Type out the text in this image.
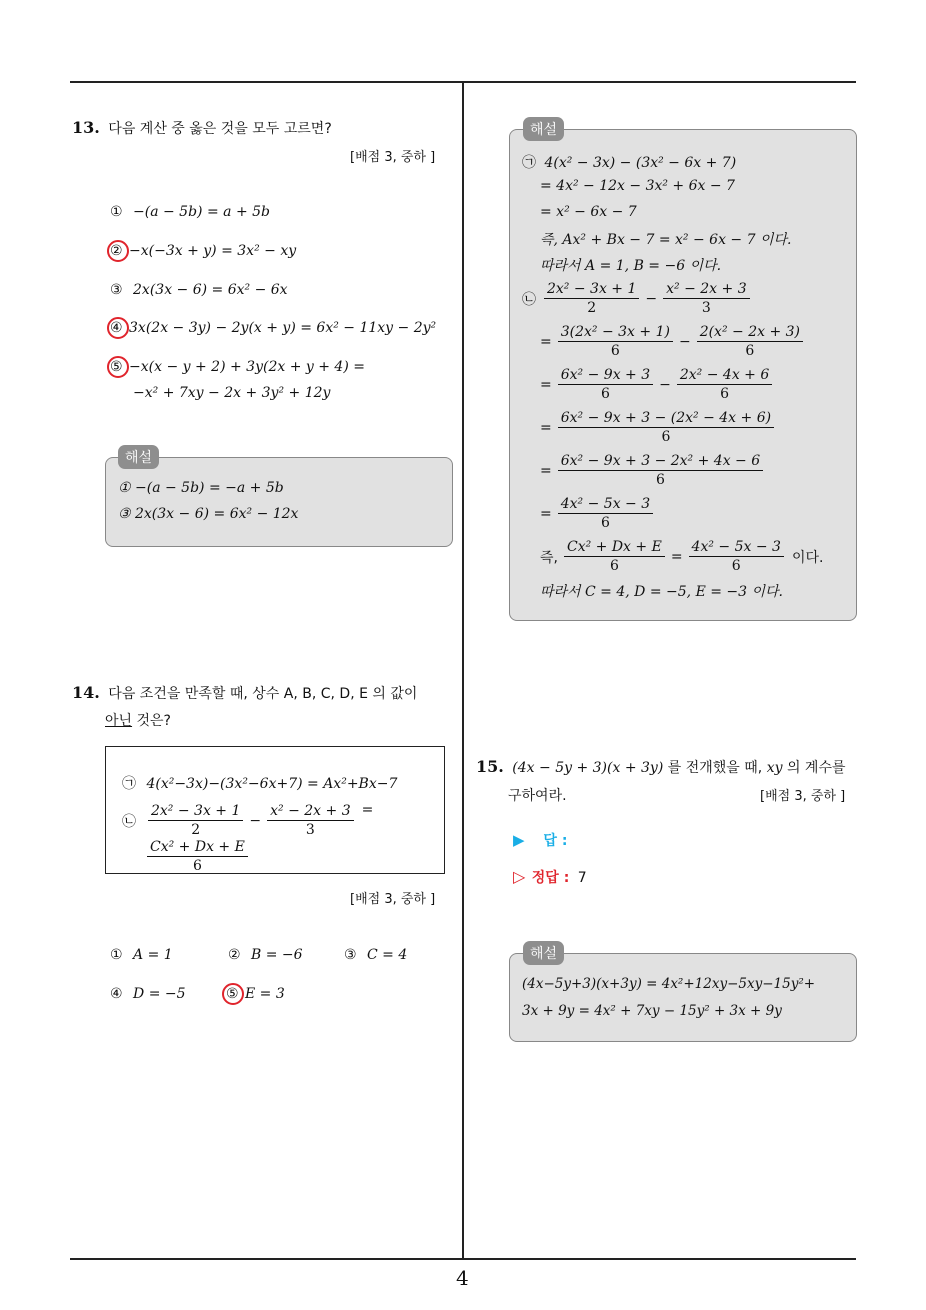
13. 다음 계산 중 옳은 것을 모두 고르면?
[배점 3, 중하 ]
① −(a − 5b) = a + 5b
② −x(−3x + y) = 3x² − xy
③ 2x(3x − 6) = 6x² − 6x
④ 3x(2x − 3y) − 2y(x + y) = 6x² − 11xy − 2y²
⑤ −x(x − y + 2) + 3y(2x + y + 4) =
−x² + 7xy − 2x + 3y² + 12y
해설
① −(a − 5b) = −a + 5b
③ 2x(3x − 6) = 6x² − 12x
14. 다음 조건을 만족할 때, 상수 A, B, C, D, E 의 값이
아닌 것은?
㉠ 4(x²−3x)−(3x²−6x+7) = Ax²+Bx−7
㉡ $\frac{\text{2x² − 3x + 1}}{2} - \frac{\text{x² − 2x + 3}}{3}$ =
$\frac{\text{Cx² + Dx + E}}{6}$
[배점 3, 중하 ]
① A = 1	② B = −6	③ C = 4
④ D = −5	⑤ E = 3
해설
㉠ 4(x² − 3x) − (3x² − 6x + 7)
= 4x² − 12x − 3x² + 6x − 7
= x² − 6x − 7
즉, Ax² + Bx − 7 = x² − 6x − 7 이다.
따라서 A = 1, B = −6 이다.
㉡ $\frac{\text{2x² − 3x + 1}}{2} - \frac{\text{x² − 2x + 3}}{3}$
= $\frac{\text{3(2x² − 3x + 1)}}{6} - \frac{\text{2(x² − 2x + 3)}}{6}$
= $\frac{\text{6x² − 9x + 3}}{6} - \frac{\text{2x² − 4x + 6}}{6}$
= $\frac{\text{6x² − 9x + 3 − (2x² − 4x + 6)}}{6}$
= $\frac{\text{6x² − 9x + 3 − 2x² + 4x − 6}}{6}$
= $\frac{\text{4x² − 5x − 3}}{6}$
즉, $\frac{\text{Cx² + Dx + E}}{6} = \frac{\text{4x² − 5x − 3}}{6}$ 이다.
따라서 C = 4, D = −5, E = −3 이다.
15. (4x − 5y + 3)(x + 3y) 를 전개했을 때, xy 의 계수를
구하여라.	[배점 3, 중하 ]
▶ 답 :
▷ 정답 : 7
해설
(4x−5y+3)(x+3y) = 4x²+12xy−5xy−15y²+
3x + 9y = 4x² + 7xy − 15y² + 3x + 9y
4
